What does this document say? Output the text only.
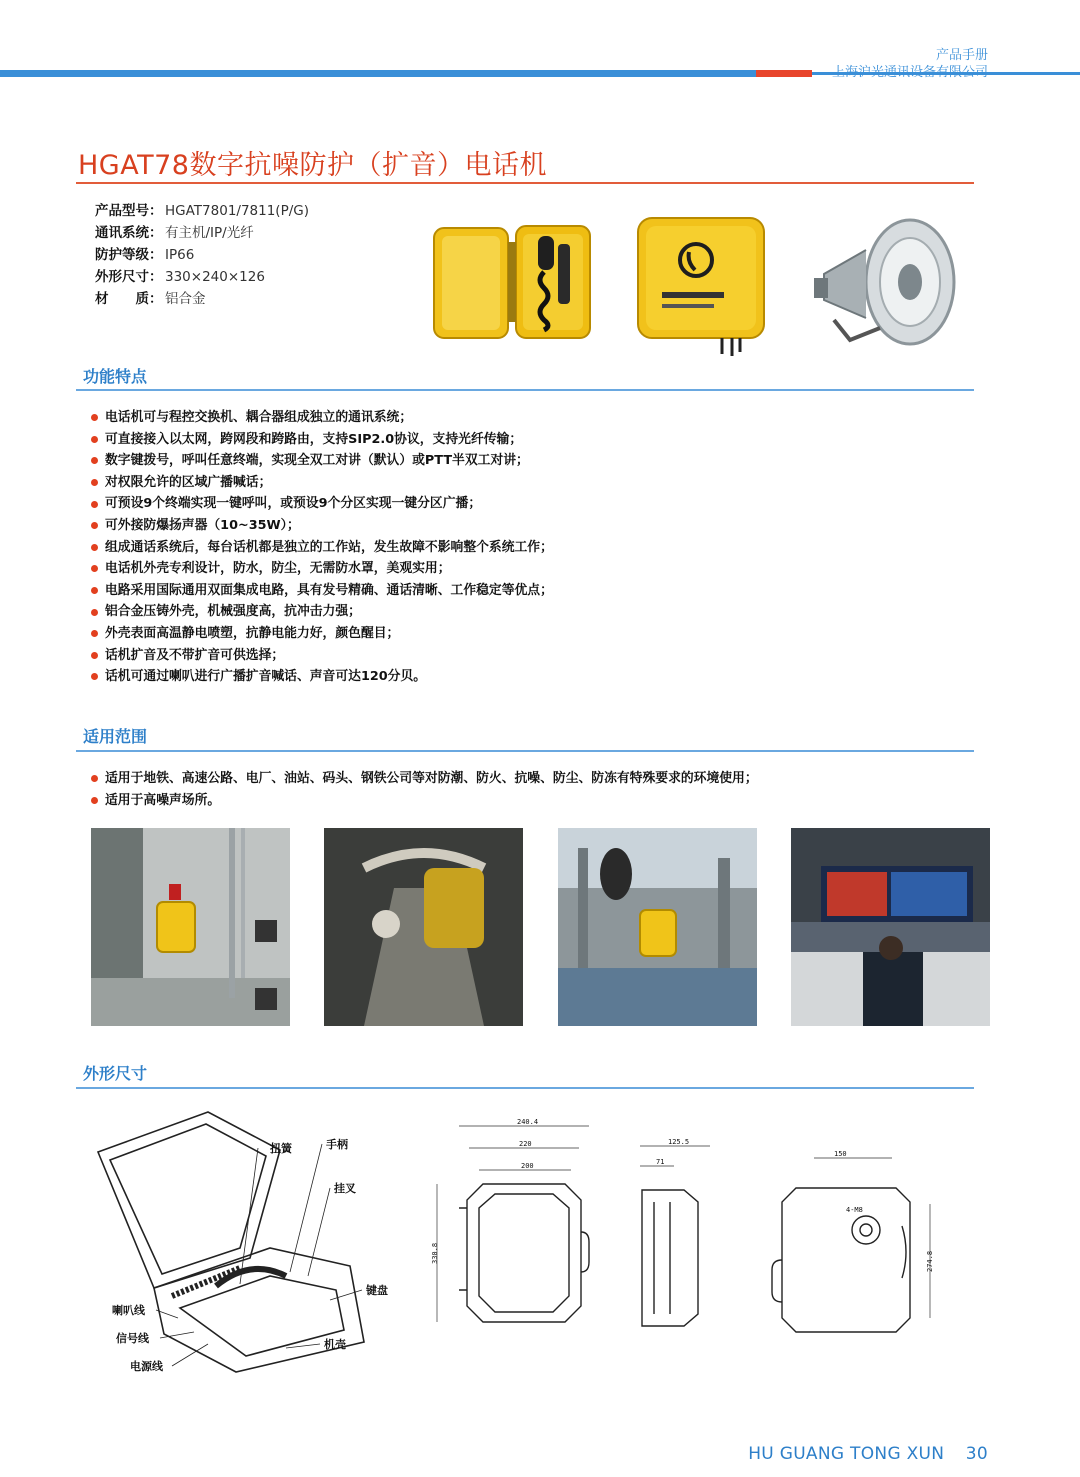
产品手册
HGAT78数字抗噪防护（扩音）电话机
产品型号： HGAT7801/7811(P/G)
通讯系统： 有主机/IP/光纤
防护等级： IP66
外形尺寸： 330×240×126
材　　质： 铝合金
功能特点
电话机可与程控交换机、耦合器组成独立的通讯系统；
可直接接入以太网，跨网段和跨路由，支持SIP2.0协议，支持光纤传输；
数字键拨号，呼叫任意终端，实现全双工对讲（默认）或PTT半双工对讲；
对权限允许的区域广播喊话；
可预设9个终端实现一键呼叫，或预设9个分区实现一键分区广播；
可外接防爆扬声器（10~35W）；
组成通话系统后，每台话机都是独立的工作站，发生故障不影响整个系统工作；
电话机外壳专利设计，防水，防尘，无需防水罩，美观实用；
电路采用国际通用双面集成电路，具有发号精确、通话清晰、工作稳定等优点；
铝合金压铸外壳，机械强度高，抗冲击力强；
外壳表面高温静电喷塑，抗静电能力好，颜色醒目；
话机扩音及不带扩音可供选择；
话机可通过喇叭进行广播扩音喊话、声音可达120分贝。
适用范围
适用于地铁、高速公路、电厂、油站、码头、钢铁公司等对防潮、防火、抗噪、防尘、防冻有特殊要求的环境使用；
适用于高噪声场所。
外形尺寸
扭簧	手柄
挂叉
键盘
喇叭线
信号线
电源线
机壳
240.4
220
200
330.8
125.5
71
150
4-M8
274.8
HU GUANG TONG XUN 30
